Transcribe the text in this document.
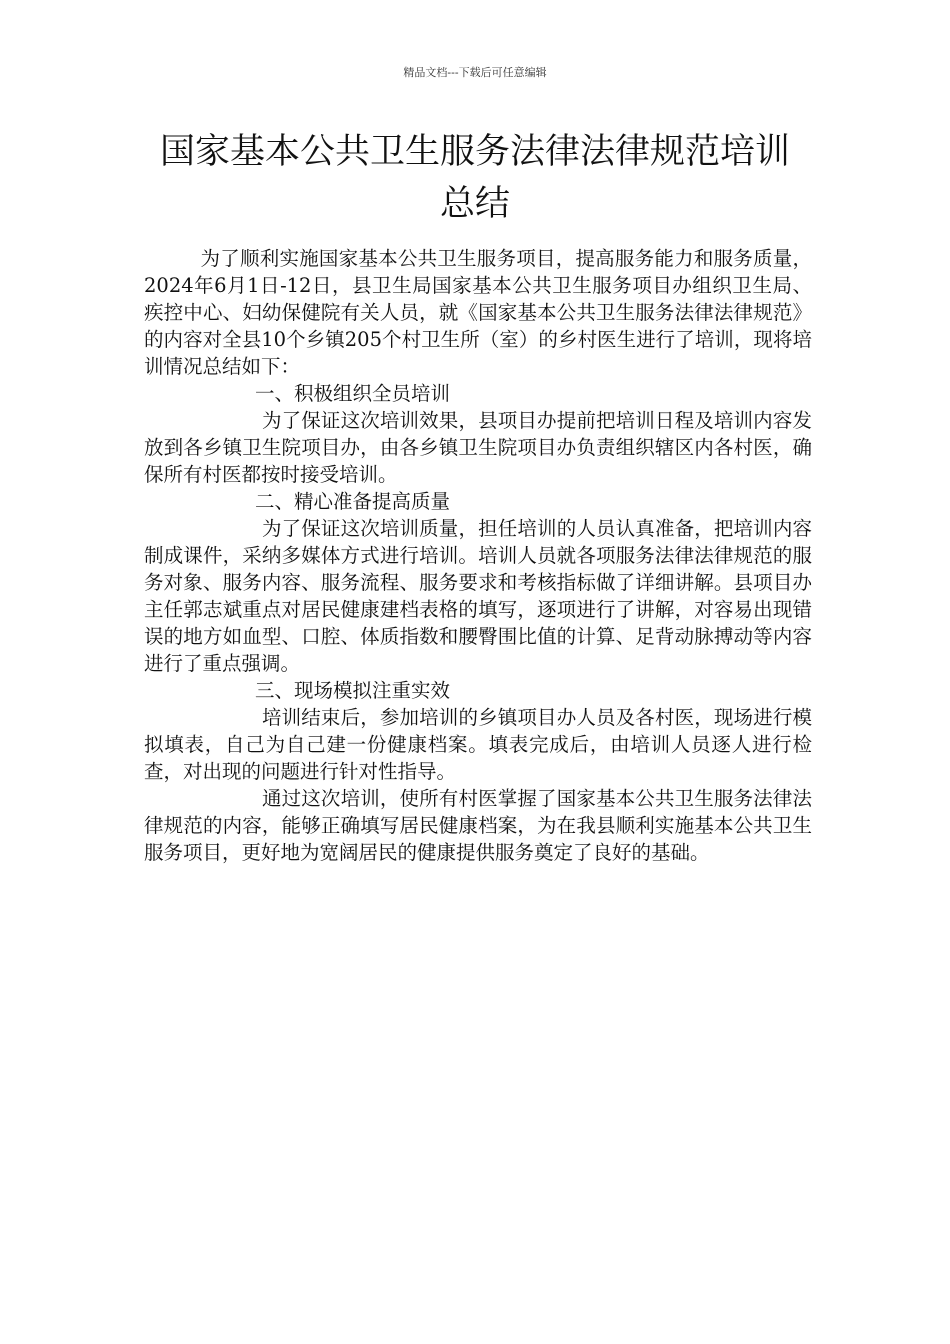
精品文档---下载后可任意编辑
国家基本公共卫生服务法律法律规范培训
总结

为了顺利实施国家基本公共卫生服务项目，提高服务能力和服务质量，2024年6月1日-12日，县卫生局国家基本公共卫生服务项目办组织卫生局、疾控中心、妇幼保健院有关人员，就《国家基本公共卫生服务法律法律规范》的内容对全县10个乡镇205个村卫生所（室）的乡村医生进行了培训，现将培训情况总结如下：

一、积极组织全员培训

为了保证这次培训效果，县项目办提前把培训日程及培训内容发放到各乡镇卫生院项目办，由各乡镇卫生院项目办负责组织辖区内各村医，确保所有村医都按时接受培训。

二、精心准备提高质量

为了保证这次培训质量，担任培训的人员认真准备，把培训内容制成课件，采纳多媒体方式进行培训。培训人员就各项服务法律法律规范的服务对象、服务内容、服务流程、服务要求和考核指标做了详细讲解。县项目办主任郭志斌重点对居民健康建档表格的填写，逐项进行了讲解，对容易出现错误的地方如血型、口腔、体质指数和腰臀围比值的计算、足背动脉搏动等内容进行了重点强调。

三、现场模拟注重实效

培训结束后，参加培训的乡镇项目办人员及各村医，现场进行模拟填表，自己为自己建一份健康档案。填表完成后，由培训人员逐人进行检查，对出现的问题进行针对性指导。

通过这次培训，使所有村医掌握了国家基本公共卫生服务法律法律规范的内容，能够正确填写居民健康档案，为在我县顺利实施基本公共卫生服务项目，更好地为宽阔居民的健康提供服务奠定了良好的基础。
